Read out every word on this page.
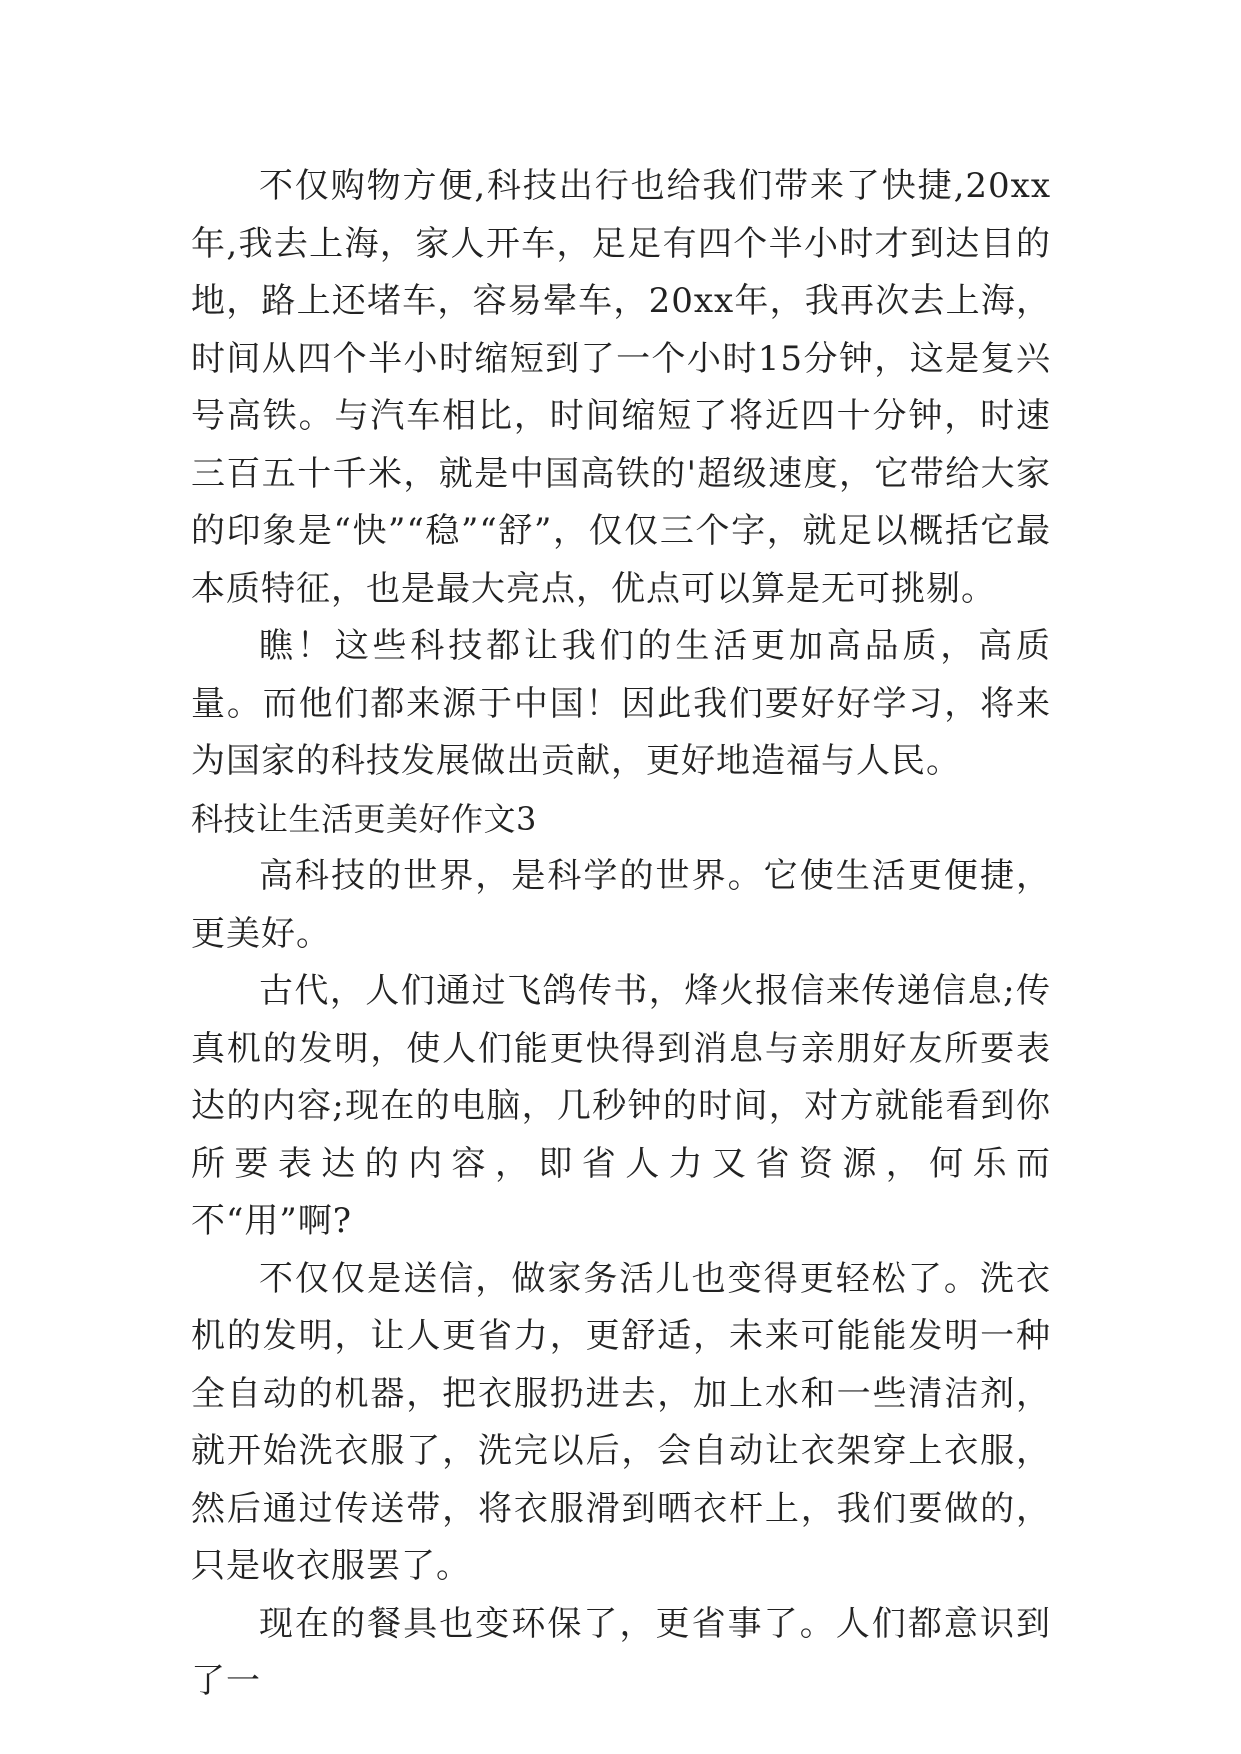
不仅购物方便,科技出行也给我们带来了快捷,20xx年,我去上海，家人开车，足足有四个半小时才到达目的地，路上还堵车，容易晕车，20xx年，我再次去上海，时间从四个半小时缩短到了一个小时15分钟，这是复兴号高铁。与汽车相比，时间缩短了将近四十分钟，时速三百五十千米，就是中国高铁的'超级速度，它带给大家的印象是“快”“稳”“舒”，仅仅三个字，就足以概括它最本质特征，也是最大亮点，优点可以算是无可挑剔。

瞧！这些科技都让我们的生活更加高品质，高质量。而他们都来源于中国！因此我们要好好学习，将来为国家的科技发展做出贡献，更好地造福与人民。

科技让生活更美好作文3

高科技的世界，是科学的世界。它使生活更便捷，更美好。

古代，人们通过飞鸽传书，烽火报信来传递信息;传真机的发明，使人们能更快得到消息与亲朋好友所要表达的内容;现在的电脑，几秒钟的时间，对方就能看到你所要表达的内容，即省人力又省资源，何乐而不“用”啊?

不仅仅是送信，做家务活儿也变得更轻松了。洗衣机的发明，让人更省力，更舒适，未来可能能发明一种全自动的机器，把衣服扔进去，加上水和一些清洁剂，就开始洗衣服了，洗完以后，会自动让衣架穿上衣服，然后通过传送带，将衣服滑到晒衣杆上，我们要做的，只是收衣服罢了。

现在的餐具也变环保了，更省事了。人们都意识到了一
